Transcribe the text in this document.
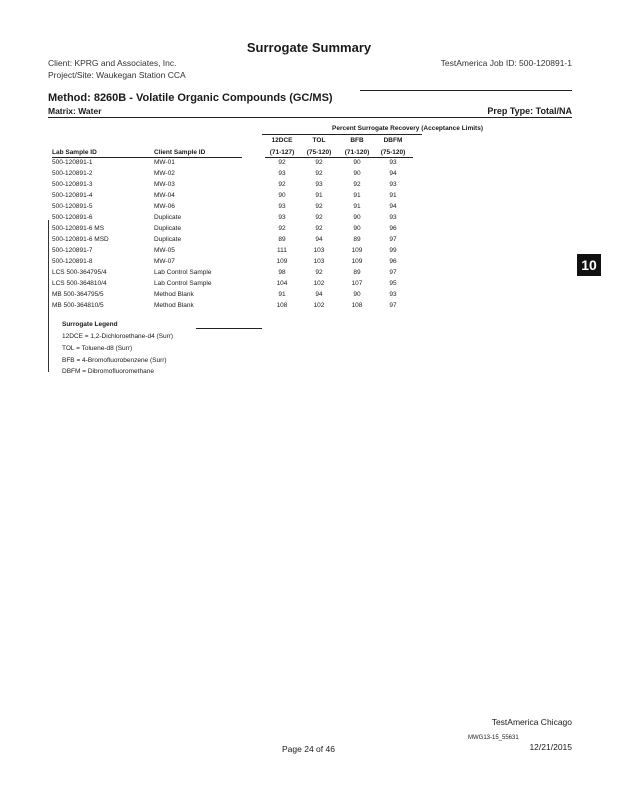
Surrogate Summary
Client: KPRG and Associates, Inc.
Project/Site: Waukegan Station CCA
TestAmerica Job ID: 500-120891-1
Method: 8260B - Volatile Organic Compounds (GC/MS)
Matrix: Water	Prep Type: Total/NA
Percent Surrogate Recovery (Acceptance Limits)
12DCE	TOL	BFB	DBFM
Lab Sample ID	Client Sample ID	(71-127)	(75-120)	(71-120)	(75-120)
500-120891-1	MW-01	92	92	90	93
500-120891-2	MW-02	93	92	90	94
500-120891-3	MW-03	92	93	92	93
500-120891-4	MW-04	90	91	91	91
500-120891-5	MW-06	93	92	91	94
500-120891-6	Duplicate	93	92	90	93
500-120891-6 MS	Duplicate	92	92	90	96
500-120891-6 MSD	Duplicate	89	94	89	97
500-120891-7	MW-05	111	103	109	99
500-120891-8	MW-07	109	103	109	96
LCS 500-364795/4	Lab Control Sample	98	92	89	97
LCS 500-364810/4	Lab Control Sample	104	102	107	95
MB 500-364795/5	Method Blank	91	94	90	93
MB 500-364810/5	Method Blank	108	102	108	97
Surrogate Legend
12DCE = 1,2-Dichloroethane-d4 (Surr)
TOL = Toluene-d8 (Surr)
BFB = 4-Bromofluorobenzene (Surr)
DBFM = Dibromofluoromethane
10
TestAmerica Chicago
Page 24 of 46
MWG13-15_55631
12/21/2015
